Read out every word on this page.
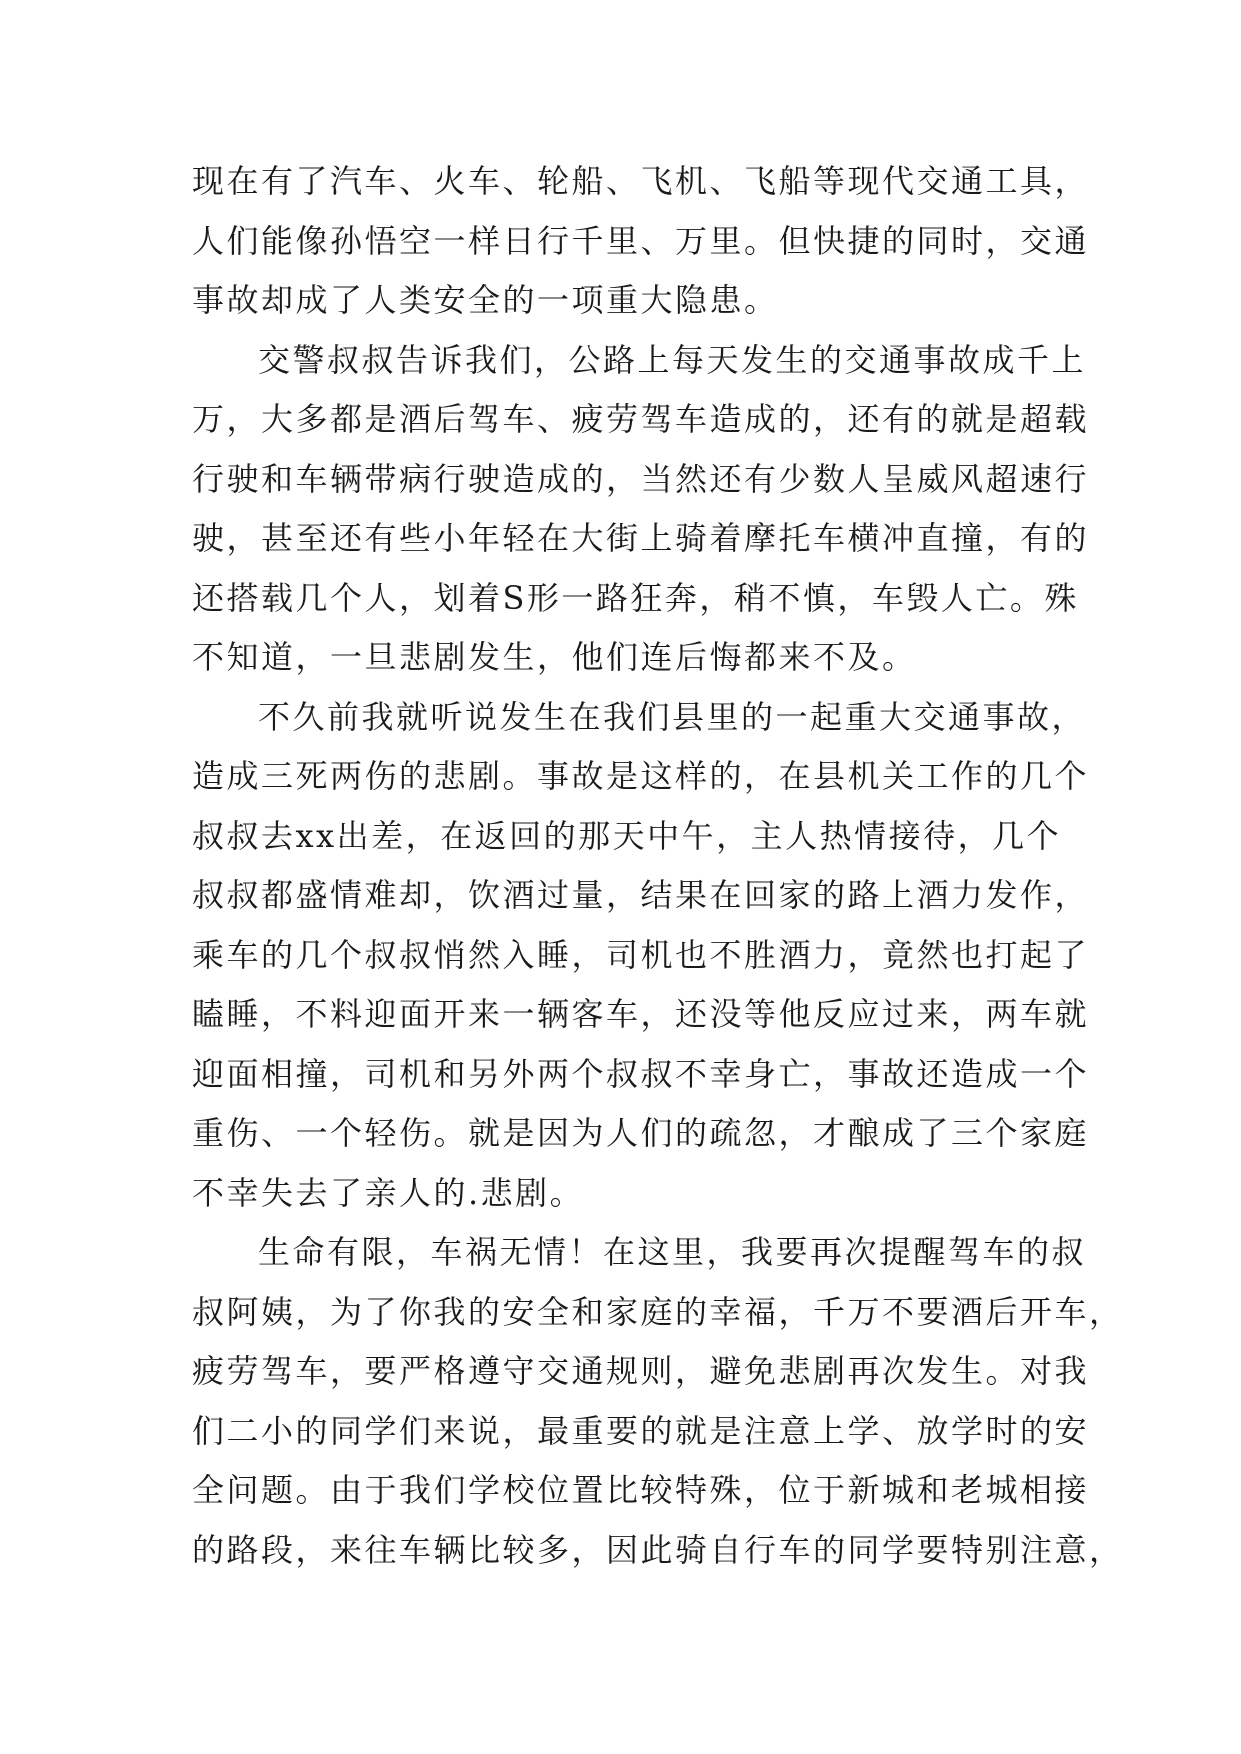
现在有了汽车、火车、轮船、飞机、飞船等现代交通工具，
人们能像孙悟空一样日行千里、万里。但快捷的同时，交通
事故却成了人类安全的一项重大隐患。
交警叔叔告诉我们，公路上每天发生的交通事故成千上
万，大多都是酒后驾车、疲劳驾车造成的，还有的就是超载
行驶和车辆带病行驶造成的，当然还有少数人呈威风超速行
驶，甚至还有些小年轻在大街上骑着摩托车横冲直撞，有的
还搭载几个人，划着S形一路狂奔，稍不慎，车毁人亡。殊
不知道，一旦悲剧发生，他们连后悔都来不及。
不久前我就听说发生在我们县里的一起重大交通事故，
造成三死两伤的悲剧。事故是这样的，在县机关工作的几个
叔叔去xx出差，在返回的那天中午，主人热情接待，几个
叔叔都盛情难却，饮酒过量，结果在回家的路上酒力发作，
乘车的几个叔叔悄然入睡，司机也不胜酒力，竟然也打起了
瞌睡，不料迎面开来一辆客车，还没等他反应过来，两车就
迎面相撞，司机和另外两个叔叔不幸身亡，事故还造成一个
重伤、一个轻伤。就是因为人们的疏忽，才酿成了三个家庭
不幸失去了亲人的.悲剧。
生命有限，车祸无情！在这里，我要再次提醒驾车的叔
叔阿姨，为了你我的安全和家庭的幸福，千万不要酒后开车，
疲劳驾车，要严格遵守交通规则，避免悲剧再次发生。对我
们二小的同学们来说，最重要的就是注意上学、放学时的安
全问题。由于我们学校位置比较特殊，位于新城和老城相接
的路段，来往车辆比较多，因此骑自行车的同学要特别注意，
